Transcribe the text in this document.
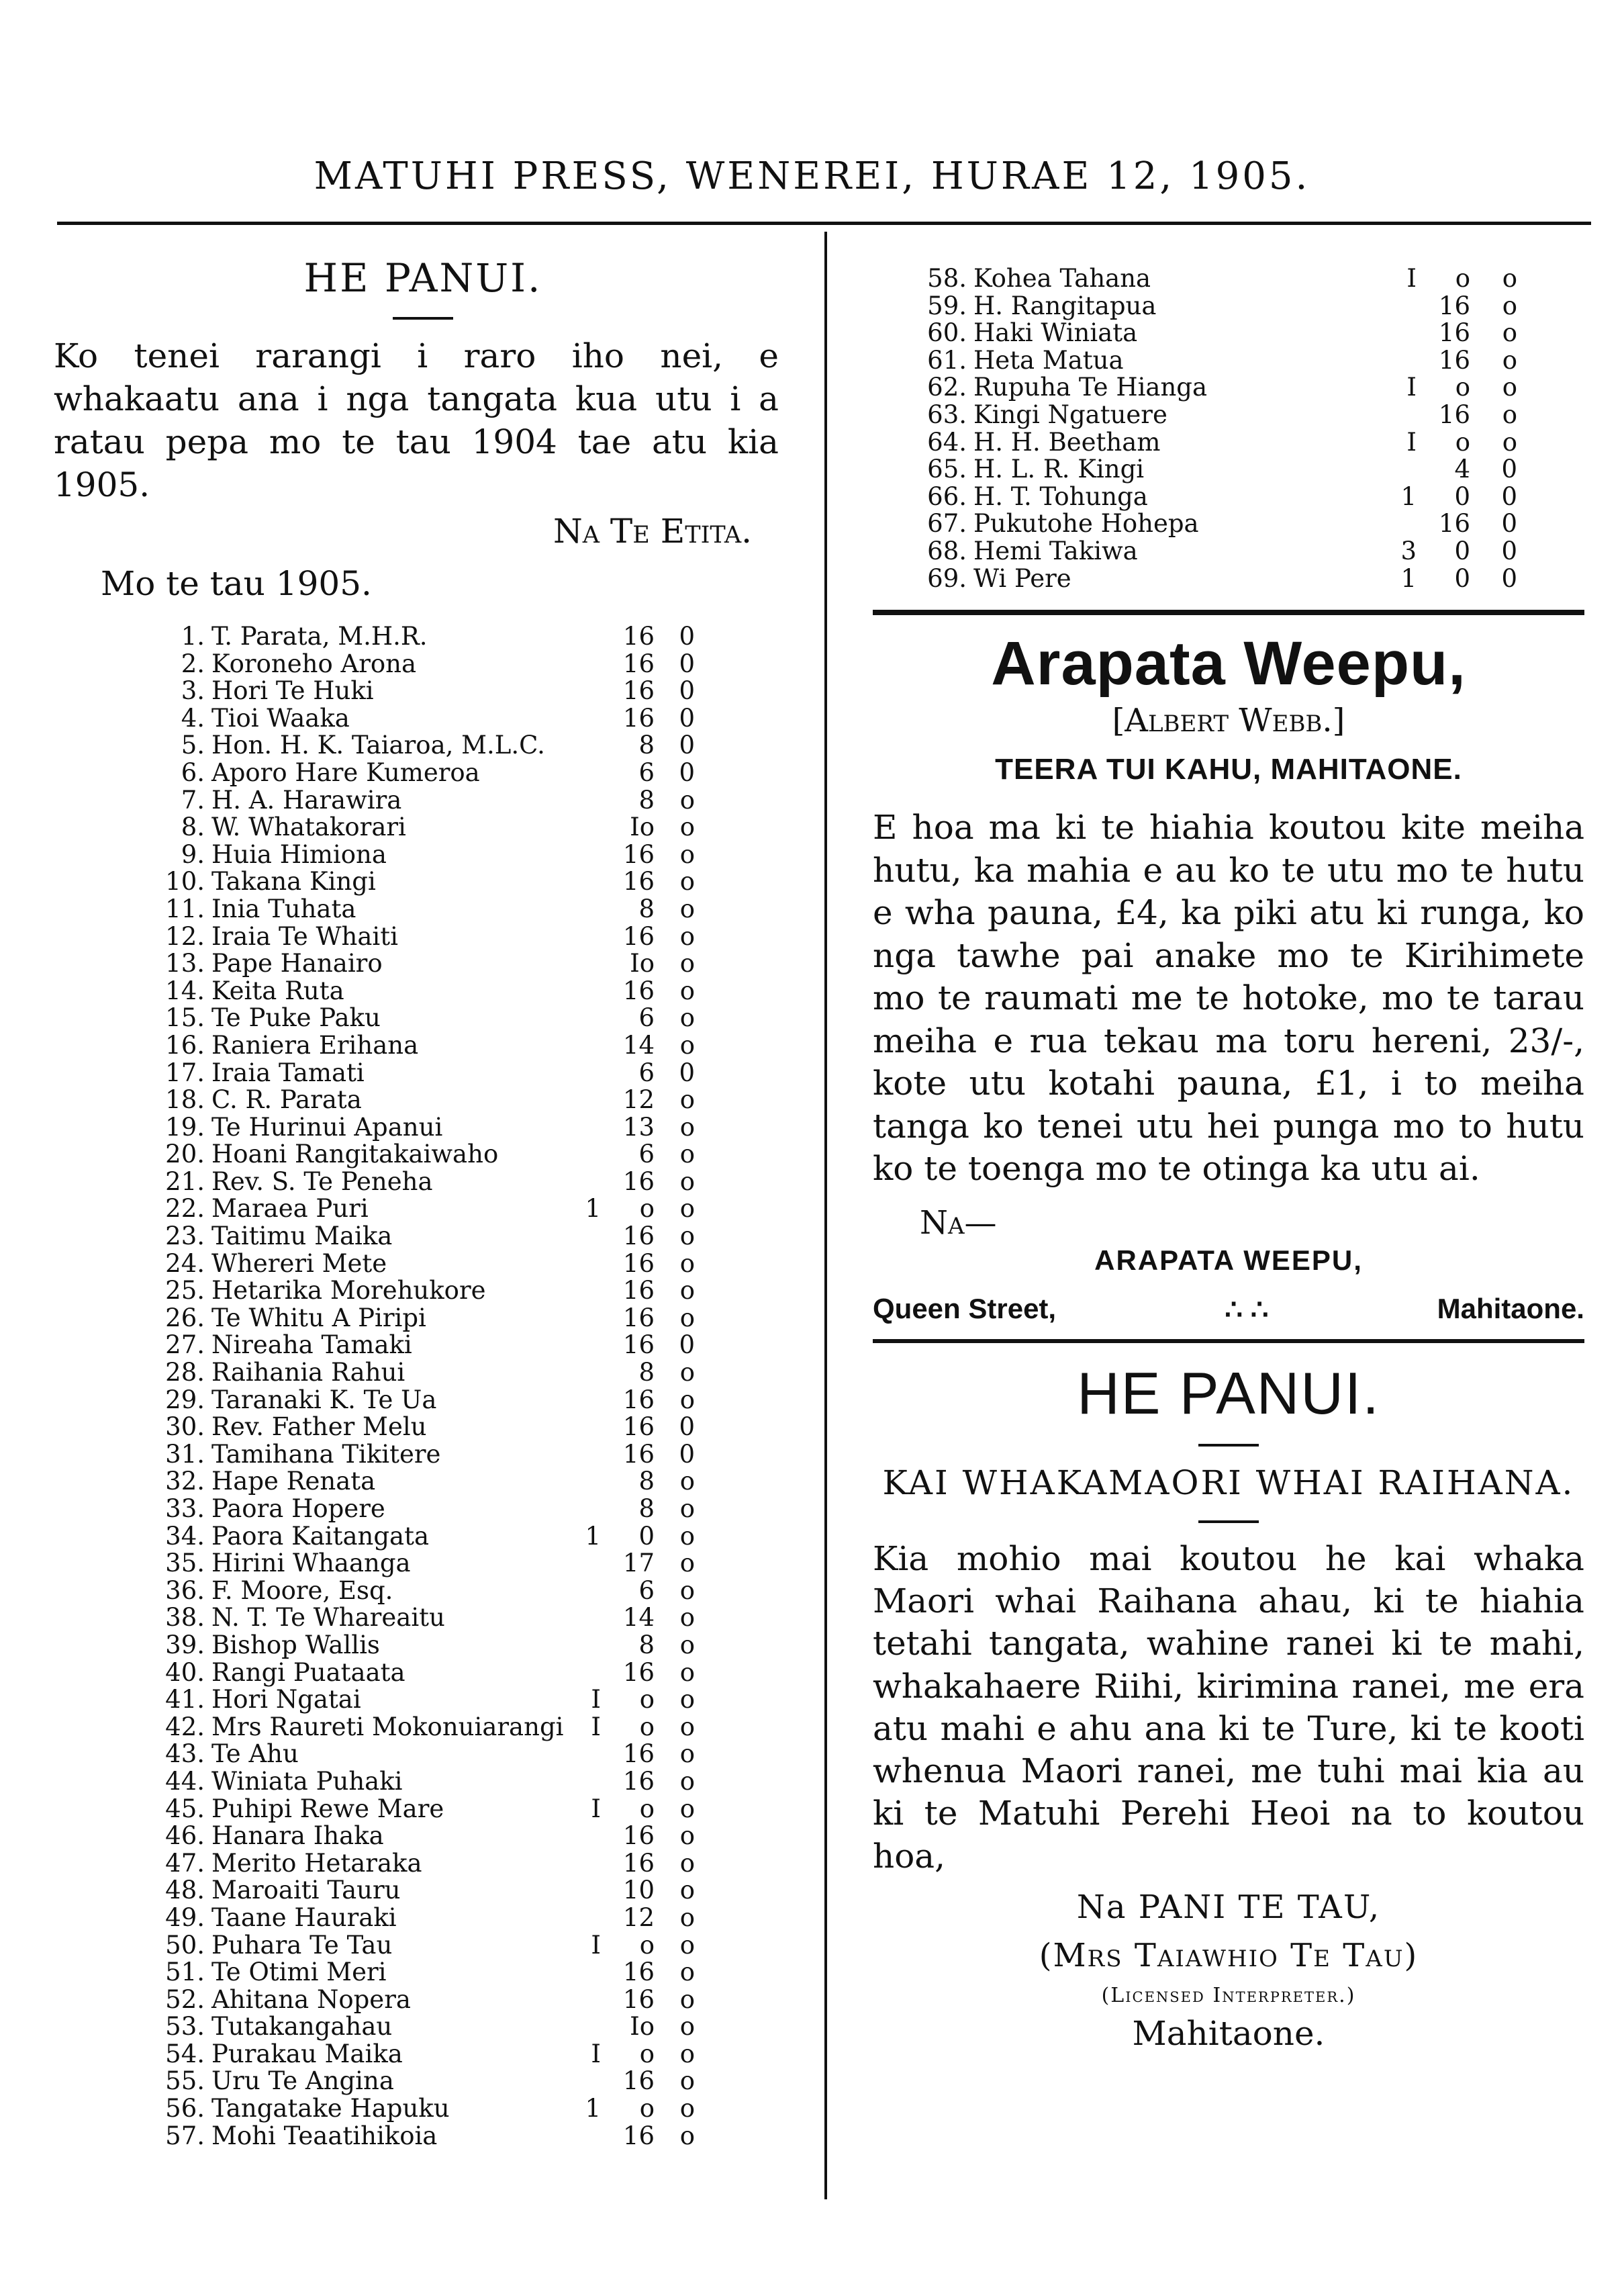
MATUHI PRESS, WENEREI, HURAE 12, 1905.
HE PANUI.
Ko tenei rarangi i raro iho nei, e whakaatu ana i nga tangata kua utu i a ratau pepa mo te tau 1904 tae atu kia 1905.
Na Te Etita.
Mo te tau 1905.
1.	T. Parata, M.H.R.		16	0
2.	Koroneho Arona		16	0
3.	Hori Te Huki		16	0
4.	Tioi Waaka		16	0
5.	Hon. H. K. Taiaroa, M.L.C.		8	0
6.	Aporo Hare Kumeroa		6	0
7.	H. A. Harawira		8	o
8.	W. Whatakorari		Io	o
9.	Huia Himiona		16	o
10.	Takana Kingi		16	o
11.	Inia Tuhata		8	o
12.	Iraia Te Whaiti		16	o
13.	Pape Hanairo		Io	o
14.	Keita Ruta		16	o
15.	Te Puke Paku		6	o
16.	Raniera Erihana		14	o
17.	Iraia Tamati		6	0
18.	C. R. Parata		12	o
19.	Te Hurinui Apanui		13	o
20.	Hoani Rangitakaiwaho		6	o
21.	Rev. S. Te Peneha		16	o
22.	Maraea Puri	1	o	o
23.	Taitimu Maika		16	o
24.	Whereri Mete		16	o
25.	Hetarika Morehukore		16	o
26.	Te Whitu A Piripi		16	o
27.	Nireaha Tamaki		16	0
28.	Raihania Rahui		8	o
29.	Taranaki K. Te Ua		16	o
30.	Rev. Father Melu		16	0
31.	Tamihana Tikitere		16	0
32.	Hape Renata		8	o
33.	Paora Hopere		8	o
34.	Paora Kaitangata	1	0	o
35.	Hirini Whaanga		17	o
36.	F. Moore, Esq.		6	o
38.	N. T. Te Whareaitu		14	o
39.	Bishop Wallis		8	o
40.	Rangi Puataata		16	o
41.	Hori Ngatai	I	o	o
42.	Mrs Raureti Mokonuiarangi	I	o	o
43.	Te Ahu		16	o
44.	Winiata Puhaki		16	o
45.	Puhipi Rewe Mare	I	o	o
46.	Hanara Ihaka		16	o
47.	Merito Hetaraka		16	o
48.	Maroaiti Tauru		10	o
49.	Taane Hauraki		12	o
50.	Puhara Te Tau	I	o	o
51.	Te Otimi Meri		16	o
52.	Ahitana Nopera		16	o
53.	Tutakangahau		Io	o
54.	Purakau Maika	I	o	o
55.	Uru Te Angina		16	o
56.	Tangatake Hapuku	1	o	o
57.	Mohi Teaatihikoia		16	o
58.	Kohea Tahana	I	o	o
59.	H. Rangitapua		16	o
60.	Haki Winiata		16	o
61.	Heta Matua		16	o
62.	Rupuha Te Hianga	I	o	o
63.	Kingi Ngatuere		16	o
64.	H. H. Beetham	I	o	o
65.	H. L. R. Kingi		4	0
66.	H. T. Tohunga	1	0	0
67.	Pukutohe Hohepa		16	0
68.	Hemi Takiwa	3	0	0
69.	Wi Pere	1	0	0
Arapata Weepu,
[Albert Webb.]
TEERA TUI KAHU, MAHITAONE.
E hoa ma ki te hiahia koutou kite meiha hutu, ka mahia e au ko te utu mo te hutu e wha pauna, £4, ka piki atu ki runga, ko nga tawhe pai anake mo te Kirihimete mo te raumati me te hotoke, mo te tarau meiha e rua tekau ma toru hereni, 23/-, kote utu kotahi pauna, £1, i to meiha tanga ko tenei utu hei punga mo to hutu ko te toenga mo te otinga ka utu ai.
Na—
ARAPATA WEEPU,
Queen Street,	∴ ∴	Mahitaone.
HE PANUI.
KAI WHAKAMAORI WHAI RAIHANA.
Kia mohio mai koutou he kai whaka Maori whai Raihana ahau, ki te hiahia tetahi tangata, wahine ranei ki te mahi, whakahaere Riihi, kirimina ranei, me era atu mahi e ahu ana ki te Ture, ki te kooti whenua Maori ranei, me tuhi mai kia au ki te Matuhi Perehi Heoi na to koutou hoa,
Na PANI TE TAU,
(Mrs Taiawhio Te Tau)
(Licensed Interpreter.)
Mahitaone.
